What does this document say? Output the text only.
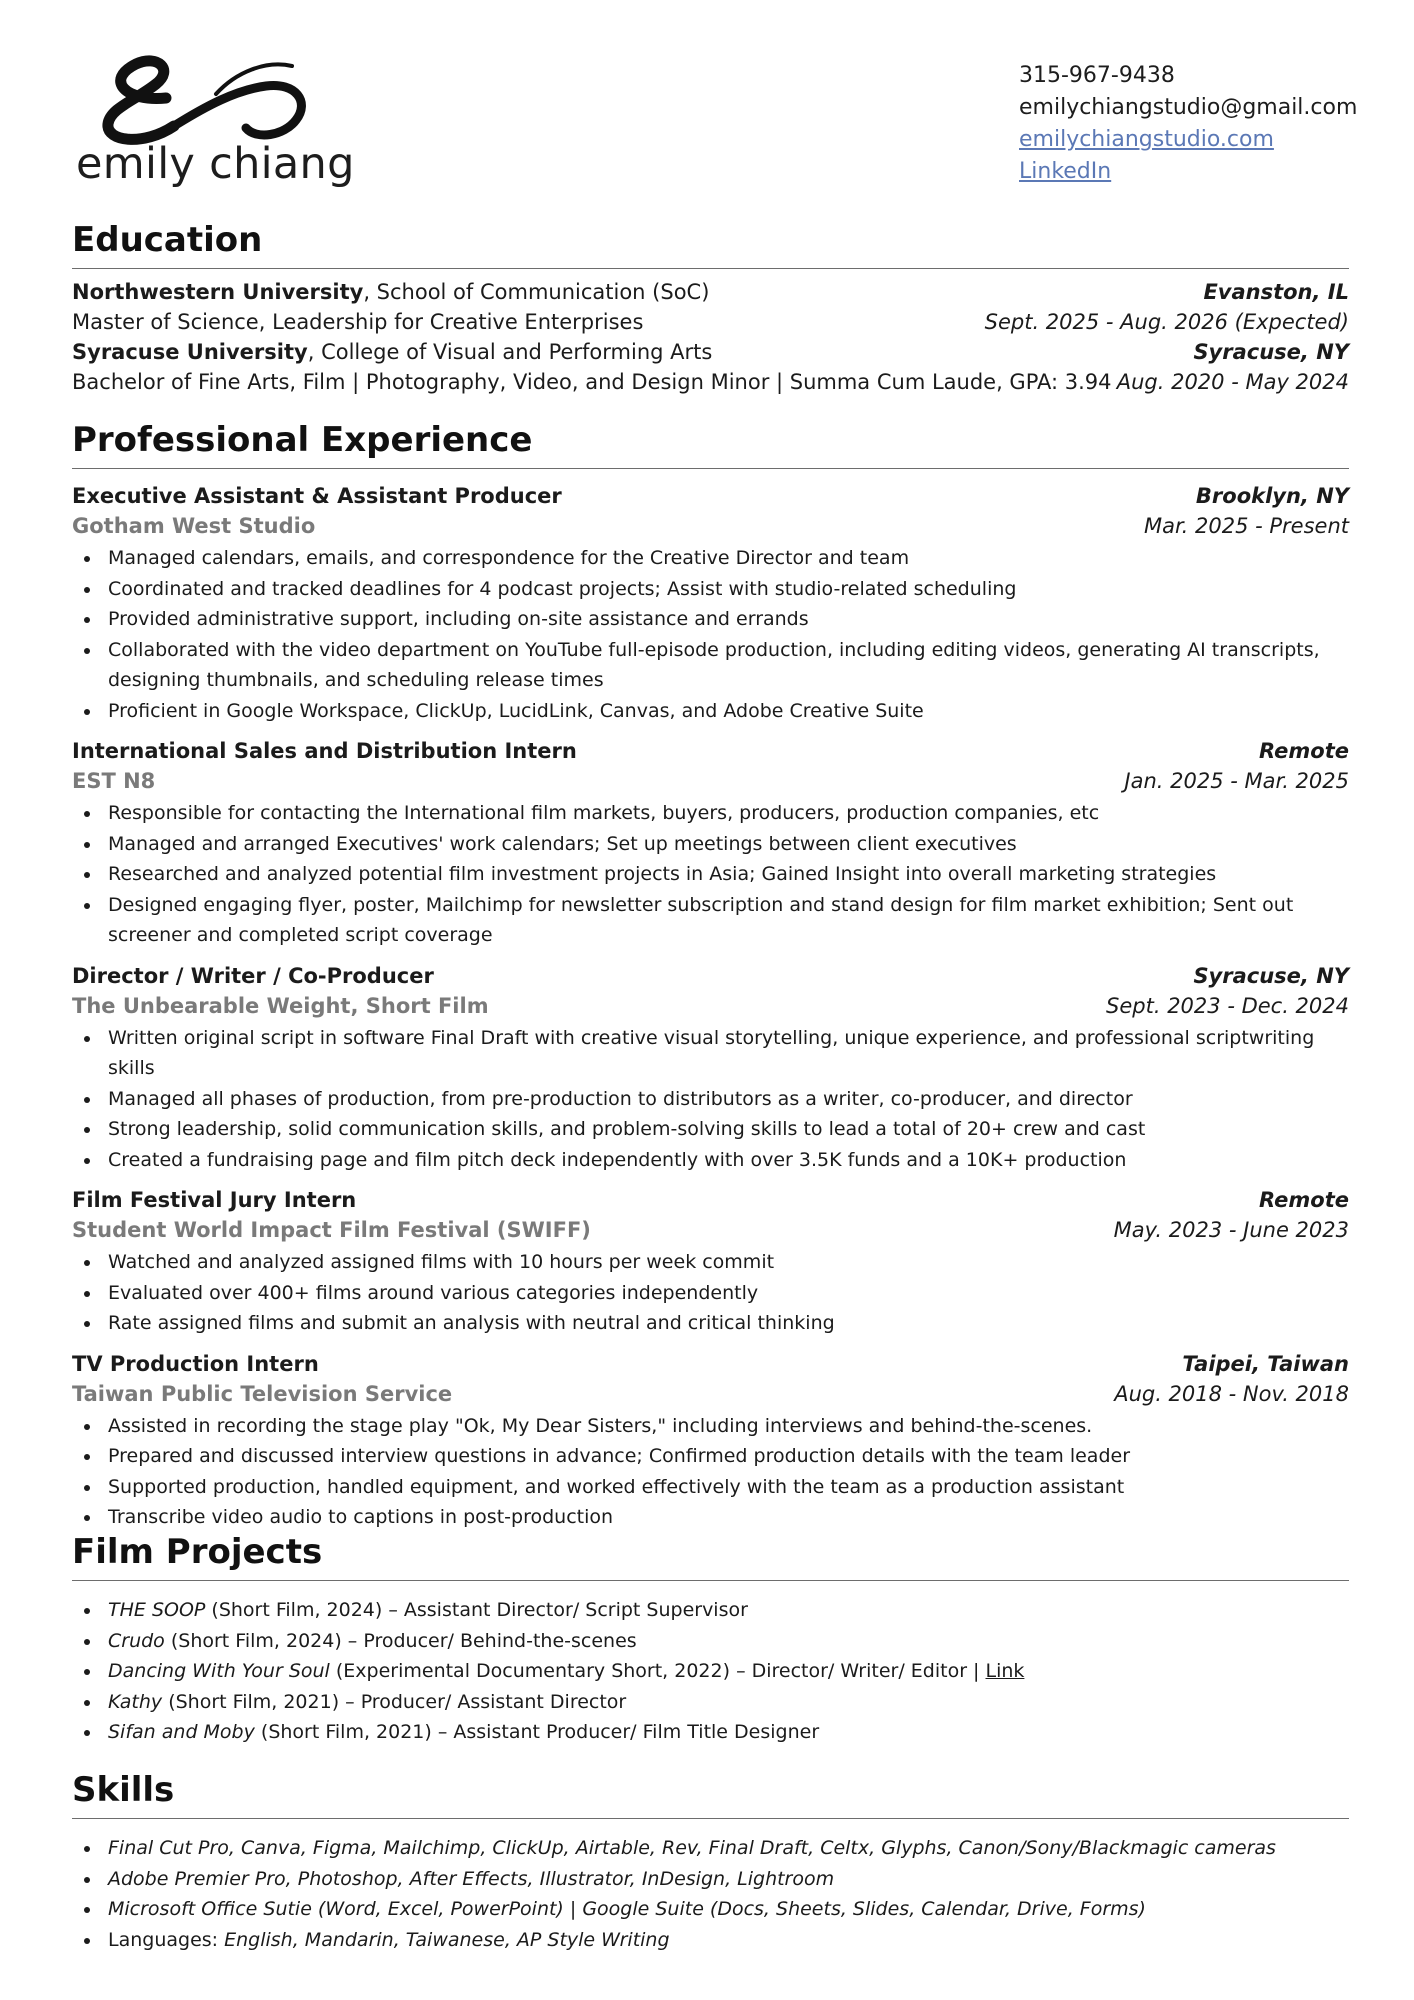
emily chiang
315-967-9438
emilychiangstudio@gmail.com
emilychiangstudio.com
LinkedIn
Education
Northwestern University, School of Communication (SoC)	Evanston, IL
Master of Science, Leadership for Creative Enterprises	Sept. 2025 - Aug. 2026 (Expected)
Syracuse University, College of Visual and Performing Arts	Syracuse, NY
Bachelor of Fine Arts, Film | Photography, Video, and Design Minor | Summa Cum Laude, GPA: 3.94 Aug. 2020 - May 2024
Professional Experience
Executive Assistant & Assistant Producer	Brooklyn, NY
Gotham West Studio	Mar. 2025 - Present
Managed calendars, emails, and correspondence for the Creative Director and team
Coordinated and tracked deadlines for 4 podcast projects; Assist with studio-related scheduling
Provided administrative support, including on-site assistance and errands
Collaborated with the video department on YouTube full-episode production, including editing videos, generating AI transcripts, designing thumbnails, and scheduling release times
Proficient in Google Workspace, ClickUp, LucidLink, Canvas, and Adobe Creative Suite
International Sales and Distribution Intern	Remote
EST N8	Jan. 2025 - Mar. 2025
Responsible for contacting the International film markets, buyers, producers, production companies, etc
Managed and arranged Executives' work calendars; Set up meetings between client executives
Researched and analyzed potential film investment projects in Asia; Gained Insight into overall marketing strategies
Designed engaging flyer, poster, Mailchimp for newsletter subscription and stand design for film market exhibition; Sent out screener and completed script coverage
Director / Writer / Co-Producer	Syracuse, NY
The Unbearable Weight, Short Film	Sept. 2023 - Dec. 2024
Written original script in software Final Draft with creative visual storytelling, unique experience, and professional scriptwriting skills
Managed all phases of production, from pre-production to distributors as a writer, co-producer, and director
Strong leadership, solid communication skills, and problem-solving skills to lead a total of 20+ crew and cast
Created a fundraising page and film pitch deck independently with over 3.5K funds and a 10K+ production
Film Festival Jury Intern	Remote
Student World Impact Film Festival (SWIFF)	May. 2023 - June 2023
Watched and analyzed assigned films with 10 hours per week commit
Evaluated over 400+ films around various categories independently
Rate assigned films and submit an analysis with neutral and critical thinking
TV Production Intern	Taipei, Taiwan
Taiwan Public Television Service	Aug. 2018 - Nov. 2018
Assisted in recording the stage play "Ok, My Dear Sisters," including interviews and behind-the-scenes.
Prepared and discussed interview questions in advance; Confirmed production details with the team leader
Supported production, handled equipment, and worked effectively with the team as a production assistant
Transcribe video audio to captions in post-production
Film Projects
THE SOOP (Short Film, 2024) – Assistant Director/ Script Supervisor
Crudo (Short Film, 2024) – Producer/ Behind-the-scenes
Dancing With Your Soul (Experimental Documentary Short, 2022) – Director/ Writer/ Editor | Link
Kathy (Short Film, 2021) – Producer/ Assistant Director
Sifan and Moby (Short Film, 2021) – Assistant Producer/ Film Title Designer
Skills
Final Cut Pro, Canva, Figma, Mailchimp, ClickUp, Airtable, Rev, Final Draft, Celtx, Glyphs, Canon/Sony/Blackmagic cameras
Adobe Premier Pro, Photoshop, After Effects, Illustrator, InDesign, Lightroom
Microsoft Office Sutie (Word, Excel, PowerPoint) | Google Suite (Docs, Sheets, Slides, Calendar, Drive, Forms)
Languages: English, Mandarin, Taiwanese, AP Style Writing
